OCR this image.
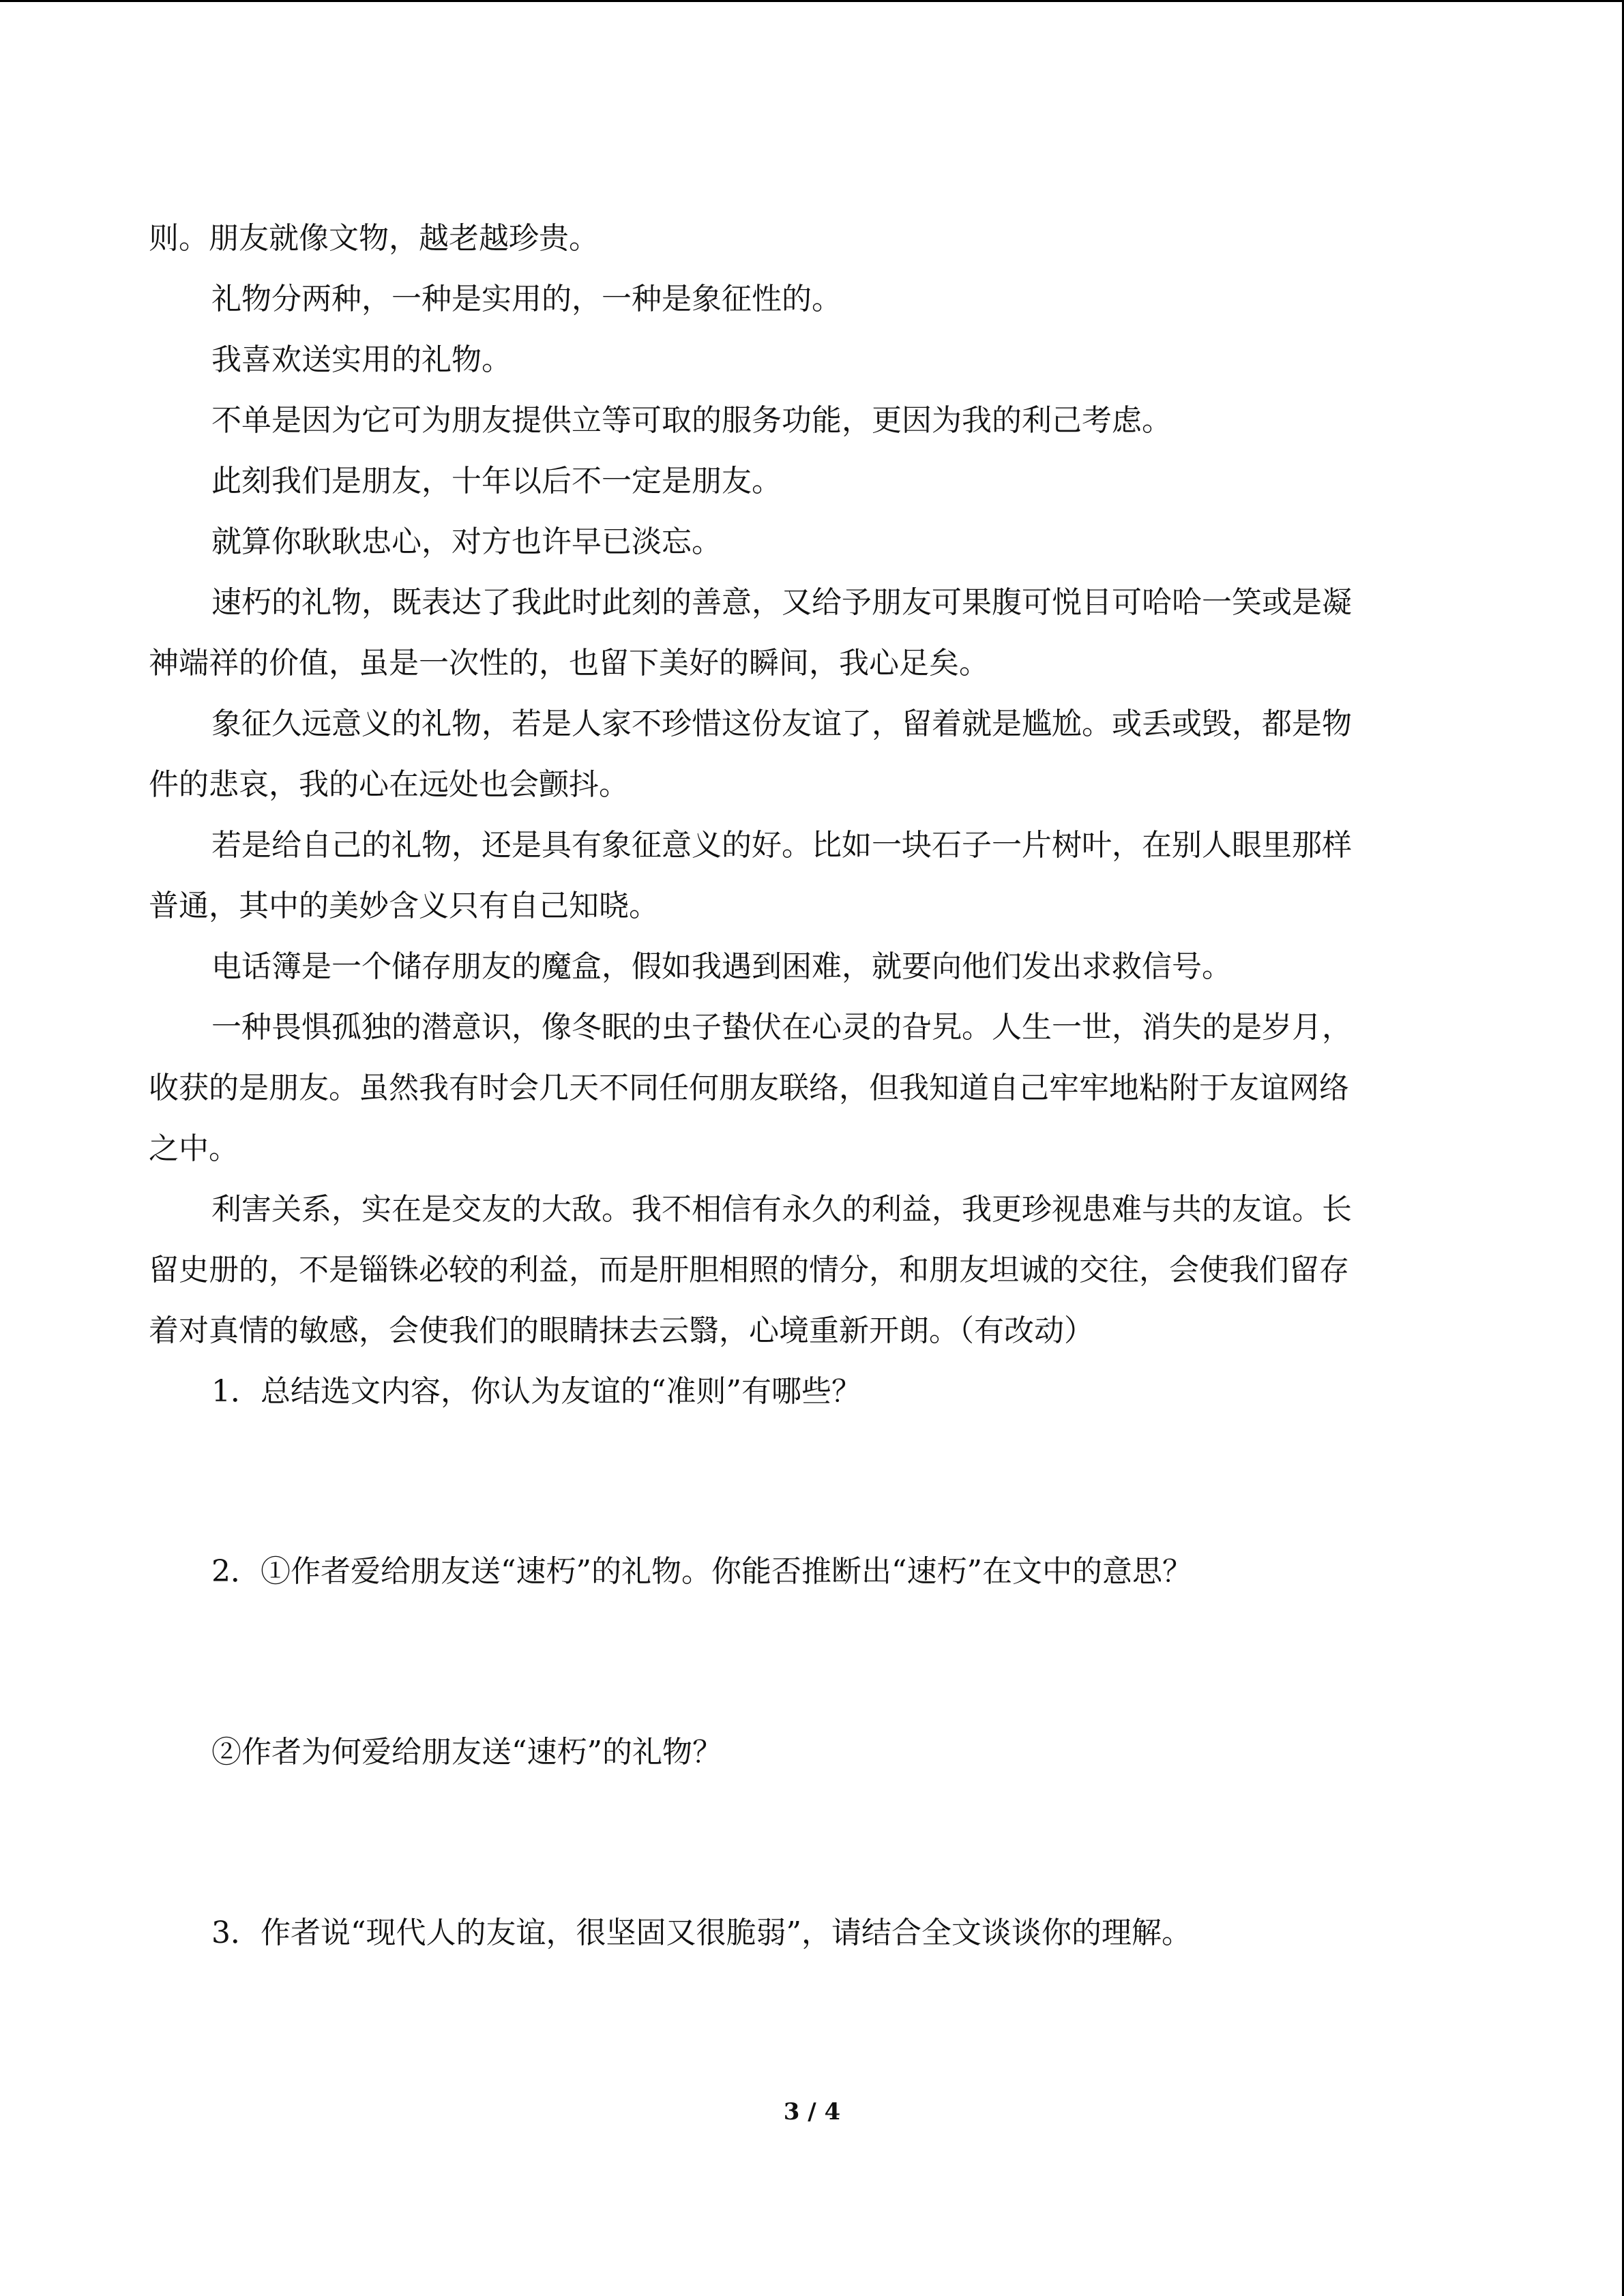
则。朋友就像文物，越老越珍贵。
礼物分两种，一种是实用的，一种是象征性的。
我喜欢送实用的礼物。
不单是因为它可为朋友提供立等可取的服务功能，更因为我的利己考虑。
此刻我们是朋友，十年以后不一定是朋友。
就算你耿耿忠心，对方也许早已淡忘。
速朽的礼物，既表达了我此时此刻的善意，又给予朋友可果腹可悦目可哈哈一笑或是凝
神端祥的价值，虽是一次性的，也留下美好的瞬间，我心足矣。
象征久远意义的礼物，若是人家不珍惜这份友谊了，留着就是尴尬。或丢或毁，都是物
件的悲哀，我的心在远处也会颤抖。
若是给自己的礼物，还是具有象征意义的好。比如一块石子一片树叶，在别人眼里那样
普通，其中的美妙含义只有自己知晓。
电话簿是一个储存朋友的魔盒，假如我遇到困难，就要向他们发出求救信号。
一种畏惧孤独的潜意识，像冬眠的虫子蛰伏在心灵的旮旯。人生一世，消失的是岁月，
收获的是朋友。虽然我有时会几天不同任何朋友联络，但我知道自己牢牢地粘附于友谊网络
之中。
利害关系，实在是交友的大敌。我不相信有永久的利益，我更珍视患难与共的友谊。长
留史册的，不是锱铢必较的利益，而是肝胆相照的情分，和朋友坦诚的交往，会使我们留存
着对真情的敏感，会使我们的眼睛抹去云翳，心境重新开朗。（有改动）
1．总结选文内容，你认为友谊的“准则”有哪些？
2．①作者爱给朋友送“速朽”的礼物。你能否推断出“速朽”在文中的意思？
②作者为何爱给朋友送“速朽”的礼物？
3．作者说“现代人的友谊，很坚固又很脆弱”，请结合全文谈谈你的理解。
3 / 4
